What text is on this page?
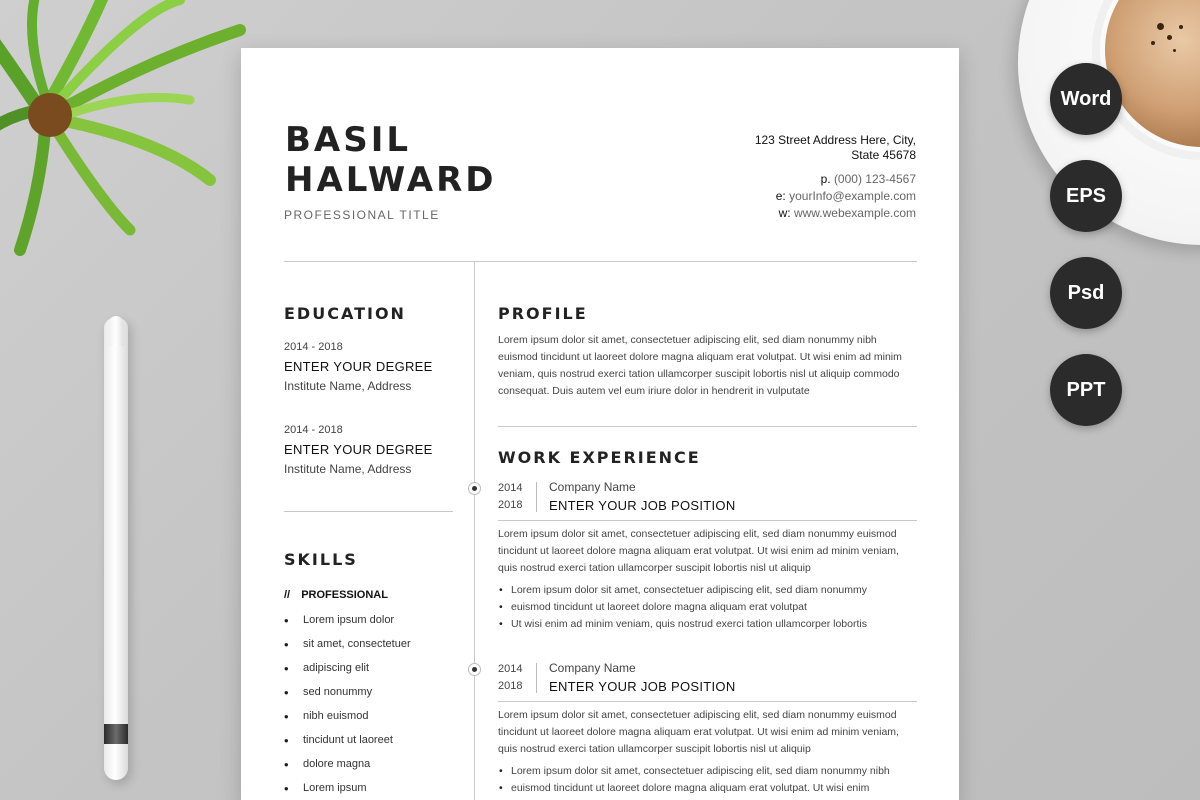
Word
EPS
Psd
PPT
BASIL
HALWARD
PROFESSIONAL TITLE
123 Street Address Here, City,
State 45678
p. (000) 123-4567
e: yourInfo@example.com
w: www.webexample.com
EDUCATION
2014 - 2018
ENTER YOUR DEGREE
Institute Name, Address
2014 - 2018
ENTER YOUR DEGREE
Institute Name, Address
SKILLS
// PROFESSIONAL
• Lorem ipsum dolor
• sit amet, consectetuer
• adipiscing elit
• sed nonummy
• nibh euismod
• tincidunt ut laoreet
• dolore magna
• Lorem ipsum
PROFILE
Lorem ipsum dolor sit amet, consectetuer adipiscing elit, sed diam nonummy nibh euismod tincidunt ut laoreet dolore magna aliquam erat volutpat. Ut wisi enim ad minim veniam, quis nostrud exerci tation ullamcorper suscipit lobortis nisl ut aliquip commodo consequat. Duis autem vel eum iriure dolor in hendrerit in vulputate
WORK EXPERIENCE
2014
2018
Company Name
ENTER YOUR JOB POSITION
Lorem ipsum dolor sit amet, consectetuer adipiscing elit, sed diam nonummy euismod tincidunt ut laoreet dolore magna aliquam erat volutpat. Ut wisi enim ad minim veniam, quis nostrud exerci tation ullamcorper suscipit lobortis nisl ut aliquip
• Lorem ipsum dolor sit amet, consectetuer adipiscing elit, sed diam nonummy
• euismod tincidunt ut laoreet dolore magna aliquam erat volutpat
• Ut wisi enim ad minim veniam, quis nostrud exerci tation ullamcorper lobortis
2014
2018
Company Name
ENTER YOUR JOB POSITION
Lorem ipsum dolor sit amet, consectetuer adipiscing elit, sed diam nonummy euismod tincidunt ut laoreet dolore magna aliquam erat volutpat. Ut wisi enim ad minim veniam, quis nostrud exerci tation ullamcorper suscipit lobortis nisl ut aliquip
• Lorem ipsum dolor sit amet, consectetuer adipiscing elit, sed diam nonummy nibh
• euismod tincidunt ut laoreet dolore magna aliquam erat volutpat. Ut wisi enim
